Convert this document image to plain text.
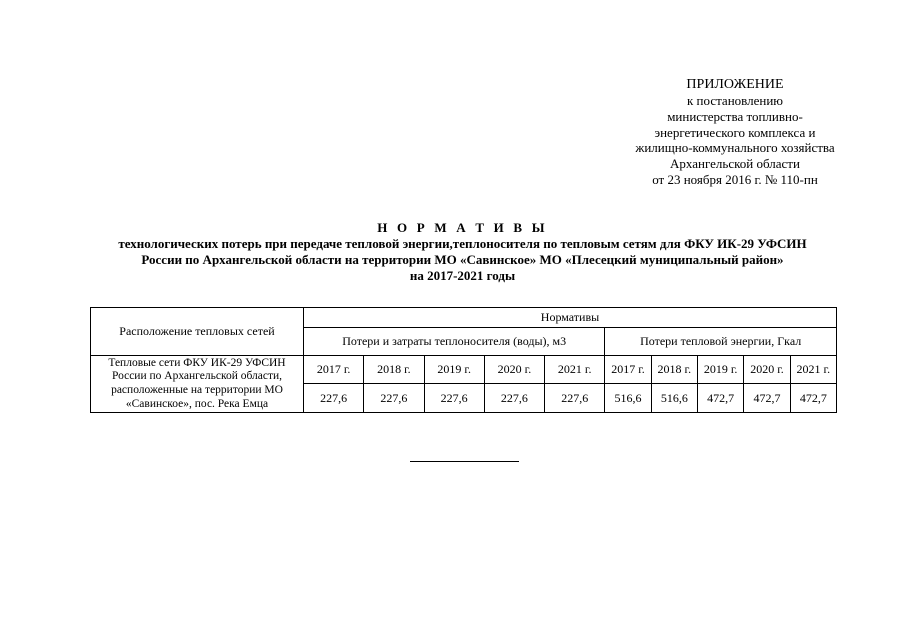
ПРИЛОЖЕНИЕ
к постановлению
министерства топливно-
энергетического комплекса и
жилищно-коммунального хозяйства
Архангельской области
от 23 ноября 2016 г. № 110-пн
Н О Р М А Т И В Ы
технологических потерь при передаче тепловой энергии,теплоносителя по тепловым сетям для ФКУ ИК-29 УФСИН
России по Архангельской области на территории МО «Савинское» МО «Плесецкий муниципальный район»
на 2017-2021 годы
Расположение тепловых сетей	Нормативы									
	Потери и затраты теплоносителя (воды), м3					Потери тепловой энергии, Гкал				

Тепловые сети ФКУ ИК-29 УФСИН
России по Архангельской области,
расположенные на территории МО
«Савинское», пос. Река Емца	2017 г.	2018 г.	2019 г.	2020 г.	2021 г.	2017 г.	2018 г.	2019 г.	2020 г.	2021 г.
	227,6	227,6	227,6	227,6	227,6	516,6	516,6	472,7	472,7	472,7
